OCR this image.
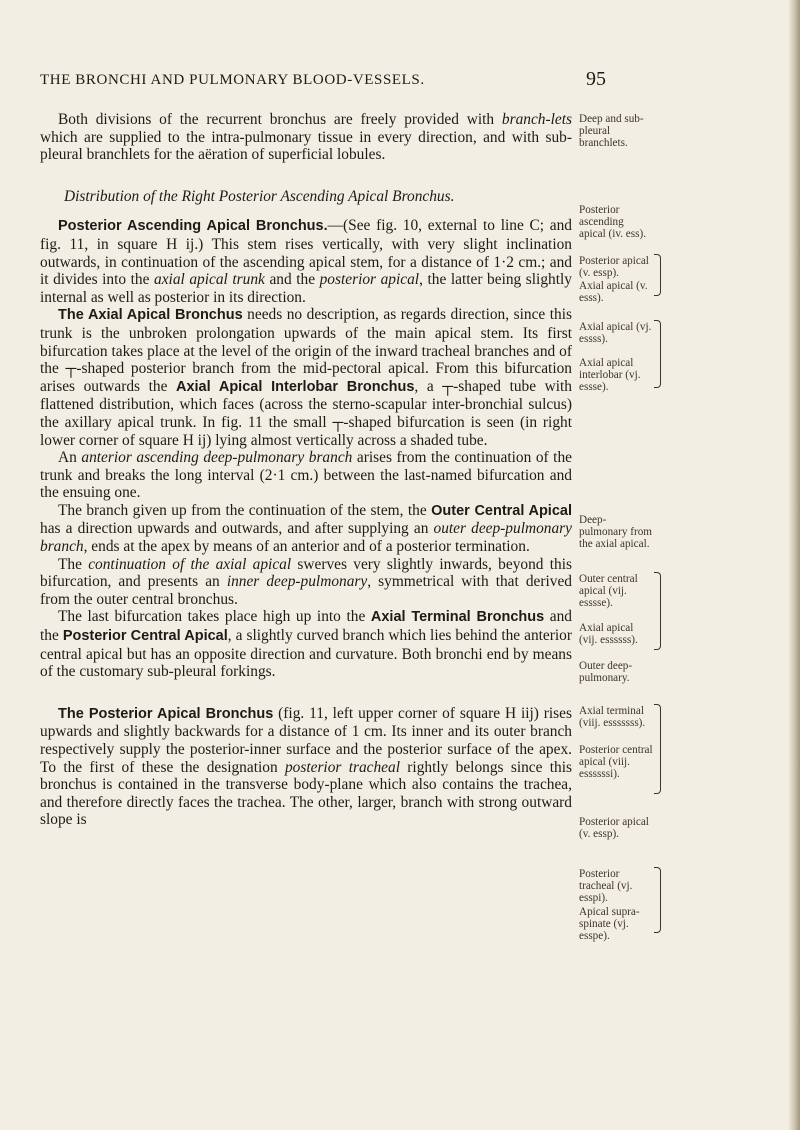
THE BRONCHI AND PULMONARY BLOOD-VESSELS.	95

Both divisions of the recurrent bronchus are freely provided with branch-lets which are supplied to the intra-pulmonary tissue in every direction, and with sub-pleural branchlets for the aëration of superficial lobules.

Distribution of the Right Posterior Ascending Apical Bronchus.

Posterior Ascending Apical Bronchus.—(See fig. 10, external to line C; and fig. 11, in square H ij.) This stem rises vertically, with very slight inclination outwards, in continuation of the ascending apical stem, for a distance of 1·2 cm.; and it divides into the axial apical trunk and the posterior apical, the latter being slightly internal as well as posterior in its direction.

The Axial Apical Bronchus needs no description, as regards direction, since this trunk is the unbroken prolongation upwards of the main apical stem. Its first bifurcation takes place at the level of the origin of the inward tracheal branches and of the ┬-shaped posterior branch from the mid-pectoral apical. From this bifurcation arises outwards the Axial Apical Interlobar Bronchus, a ┬-shaped tube with flattened distribution, which faces (across the sterno-scapular inter-bronchial sulcus) the axillary apical trunk. In fig. 11 the small ┬-shaped bifurcation is seen (in right lower corner of square H ij) lying almost vertically across a shaded tube.

An anterior ascending deep-pulmonary branch arises from the continuation of the trunk and breaks the long interval (2·1 cm.) between the last-named bifurcation and the ensuing one.

The branch given up from the continuation of the stem, the Outer Central Apical has a direction upwards and outwards, and after supplying an outer deep-pulmonary branch, ends at the apex by means of an anterior and of a posterior termination.

The continuation of the axial apical swerves very slightly inwards, beyond this bifurcation, and presents an inner deep-pulmonary, symmetrical with that derived from the outer central bronchus.

The last bifurcation takes place high up into the Axial Terminal Bronchus and the Posterior Central Apical, a slightly curved branch which lies behind the anterior central apical but has an opposite direction and curvature. Both bronchi end by means of the customary sub-pleural forkings.

The Posterior Apical Bronchus (fig. 11, left upper corner of square H iij) rises upwards and slightly backwards for a distance of 1 cm. Its inner and its outer branch respectively supply the posterior-inner surface and the posterior surface of the apex. To the first of these the designation posterior tracheal rightly belongs since this bronchus is contained in the transverse body-plane which also contains the trachea, and therefore directly faces the trachea. The other, larger, branch with strong outward slope is

Deep and sub-pleural branchlets.
Posterior ascending apical (iv. ess).
Posterior apical (v. essp).
Axial apical (v. esss).
Axial apical (vj. essss).
Axial apical interlobar (vj. essse).
Deep-pulmonary from the axial apical.
Outer central apical (vij. esssse).
Axial apical (vij. essssss).
Outer deep-pulmonary.
Axial terminal (viij. esssssss).
Posterior central apical (viij. essssssi).
Posterior apical (v. essp).
Posterior tracheal (vj. esspi).
Apical supra-spinate (vj. esspe).
